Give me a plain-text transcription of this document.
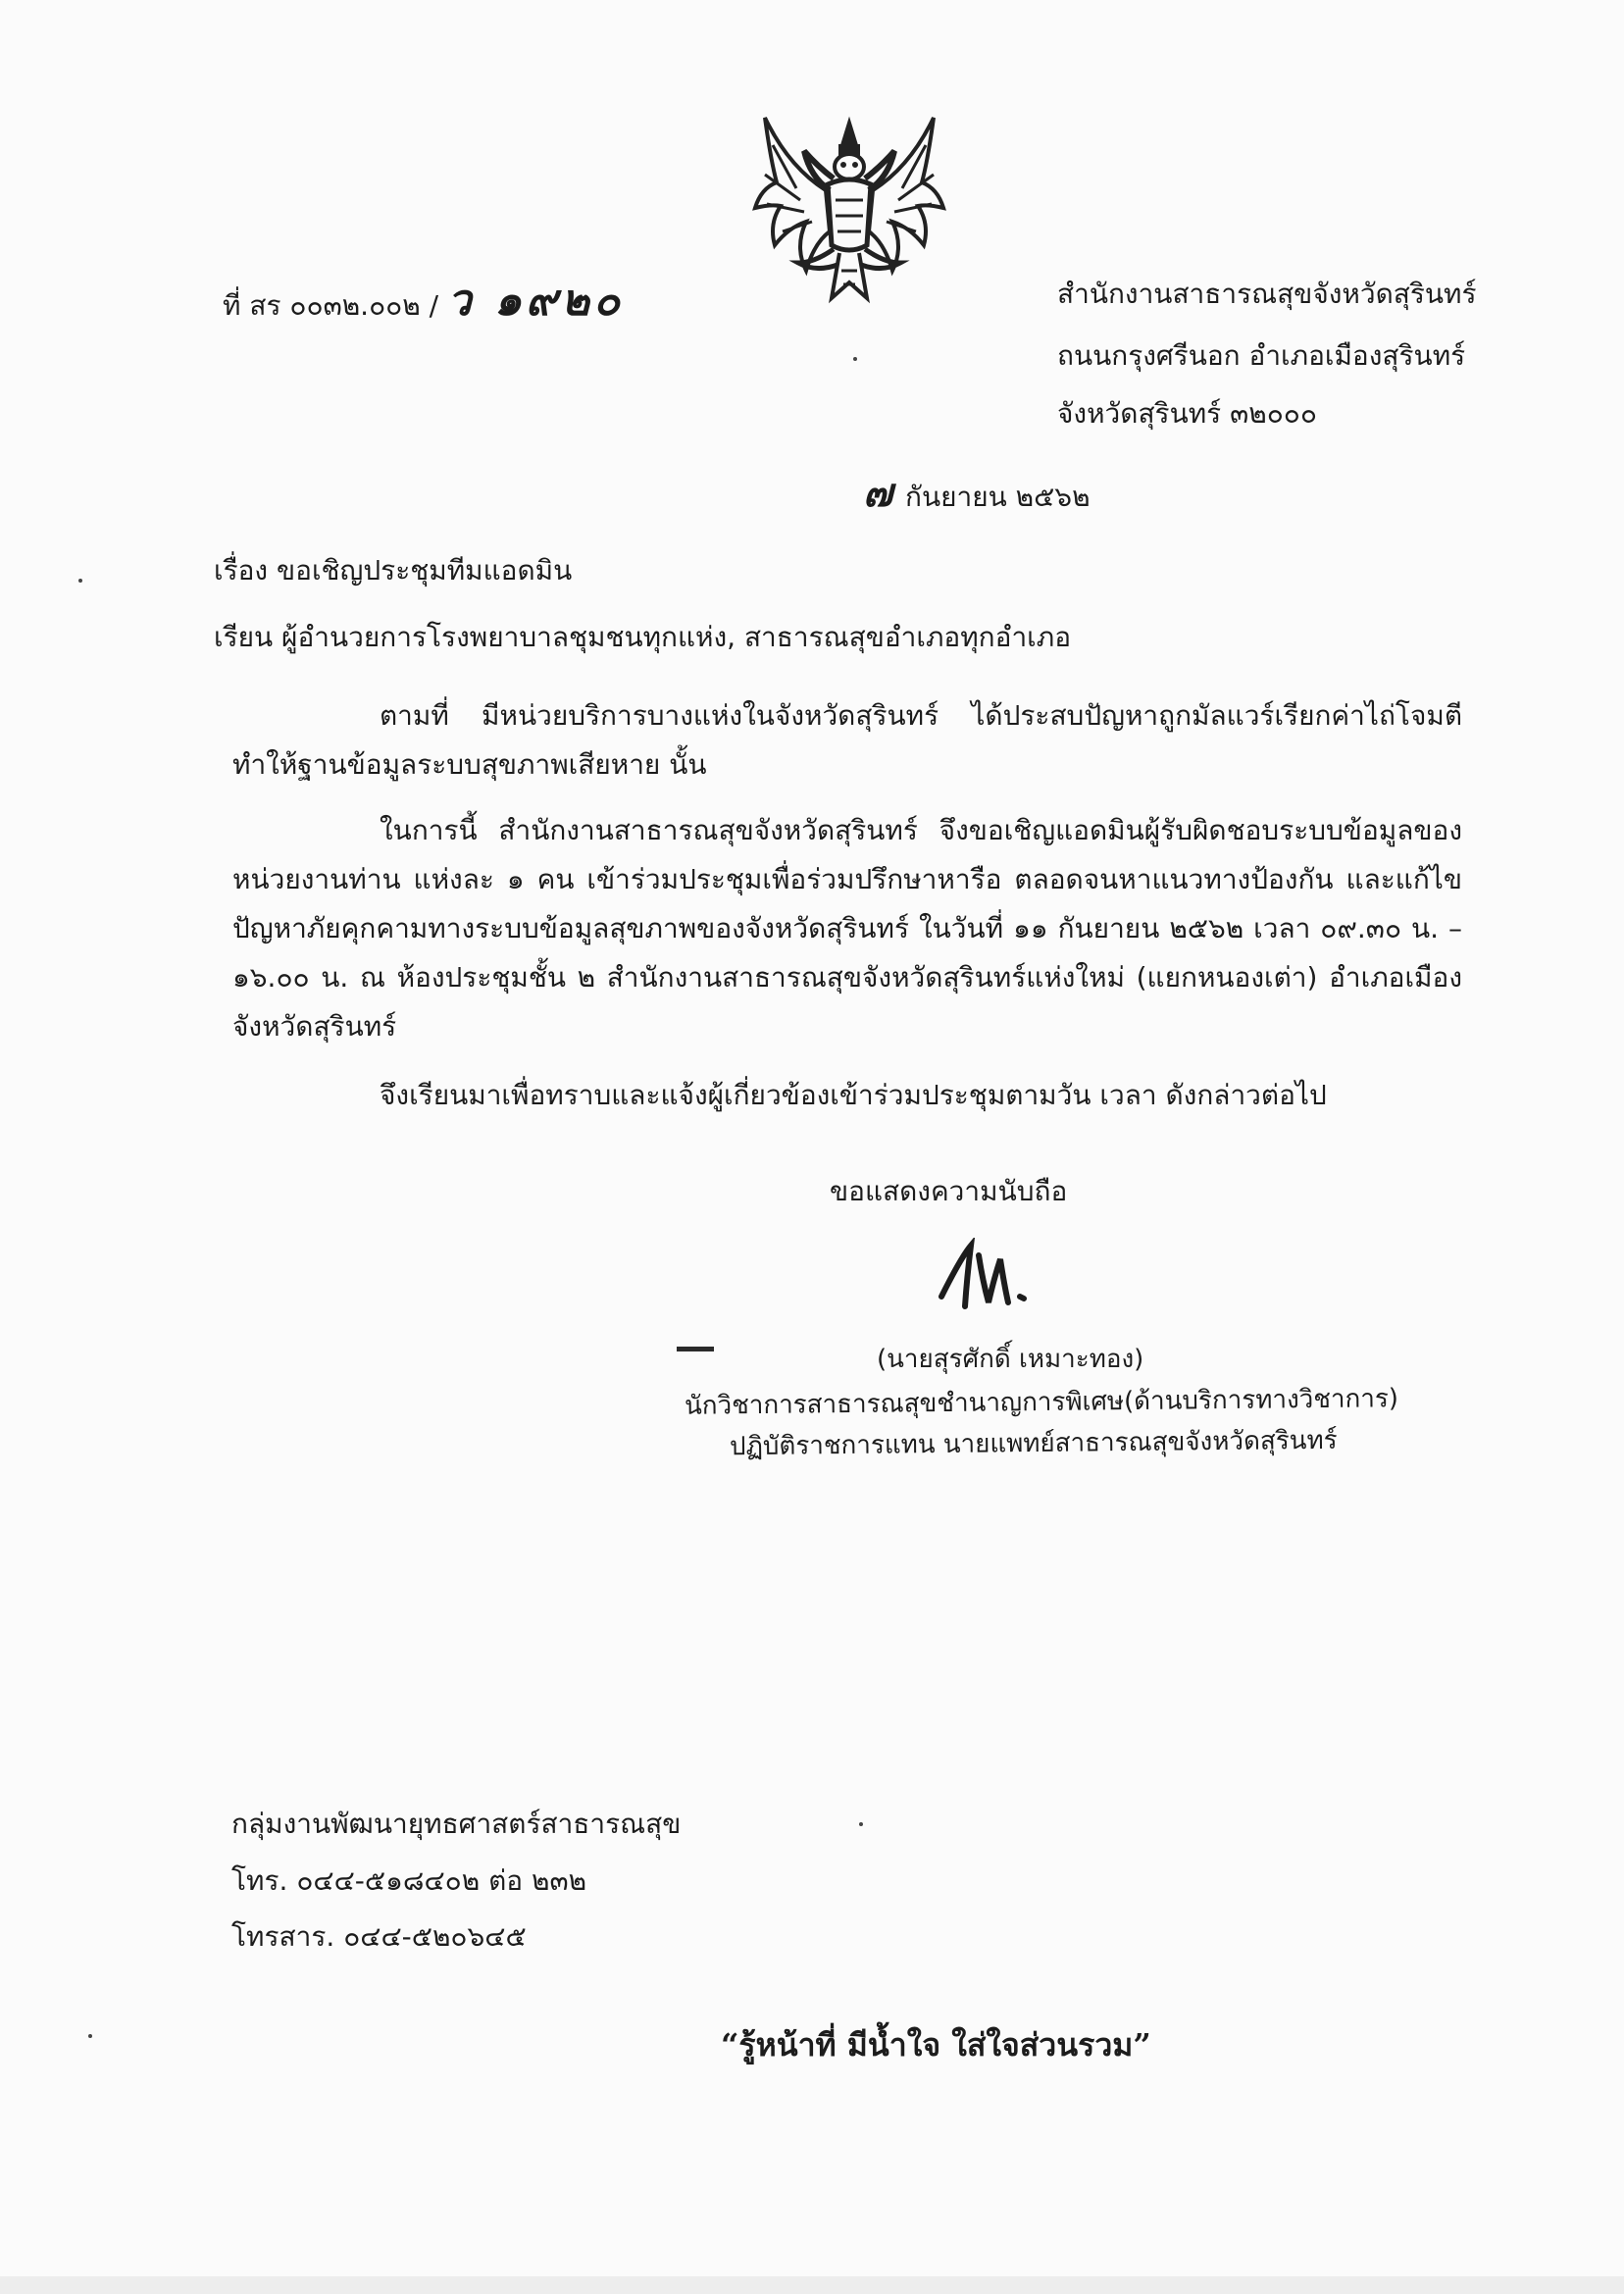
ที่ สร ๐๐๓๒.๐๐๒ / ว ๑๙๒๐	สำนักงานสาธารณสุขจังหวัดสุรินทร์
ถนนกรุงศรีนอก อำเภอเมืองสุรินทร์
จังหวัดสุรินทร์ ๓๒๐๐๐
๗ กันยายน ๒๕๖๒
เรื่อง ขอเชิญประชุมทีมแอดมิน
เรียน ผู้อำนวยการโรงพยาบาลชุมชนทุกแห่ง, สาธารณสุขอำเภอทุกอำเภอ

ตามที่ มีหน่วยบริการบางแห่งในจังหวัดสุรินทร์ ได้ประสบปัญหาถูกมัลแวร์เรียกค่าไถ่โจมตี ทำให้ฐานข้อมูลระบบสุขภาพเสียหาย นั้น

ในการนี้ สำนักงานสาธารณสุขจังหวัดสุรินทร์ จึงขอเชิญแอดมินผู้รับผิดชอบระบบข้อมูลของหน่วยงานท่าน แห่งละ ๑ คน เข้าร่วมประชุมเพื่อร่วมปรึกษาหารือ ตลอดจนหาแนวทางป้องกัน และแก้ไขปัญหาภัยคุกคามทางระบบข้อมูลสุขภาพของจังหวัดสุรินทร์ ในวันที่ ๑๑ กันยายน ๒๕๖๒ เวลา ๐๙.๓๐ น. – ๑๖.๐๐ น. ณ ห้องประชุมชั้น ๒ สำนักงานสาธารณสุขจังหวัดสุรินทร์แห่งใหม่ (แยกหนองเต่า) อำเภอเมือง จังหวัดสุรินทร์

จึงเรียนมาเพื่อทราบและแจ้งผู้เกี่ยวข้องเข้าร่วมประชุมตามวัน เวลา ดังกล่าวต่อไป

ขอแสดงความนับถือ
(นายสุรศักดิ์ เหมาะทอง)
นักวิชาการสาธารณสุขชำนาญการพิเศษ(ด้านบริการทางวิชาการ)
ปฏิบัติราชการแทน นายแพทย์สาธารณสุขจังหวัดสุรินทร์
กลุ่มงานพัฒนายุทธศาสตร์สาธารณสุข
โทร. ๐๔๔-๕๑๘๔๐๒ ต่อ ๒๓๒
โทรสาร. ๐๔๔-๕๒๐๖๔๕
“รู้หน้าที่ มีน้ำใจ ใส่ใจส่วนรวม”
